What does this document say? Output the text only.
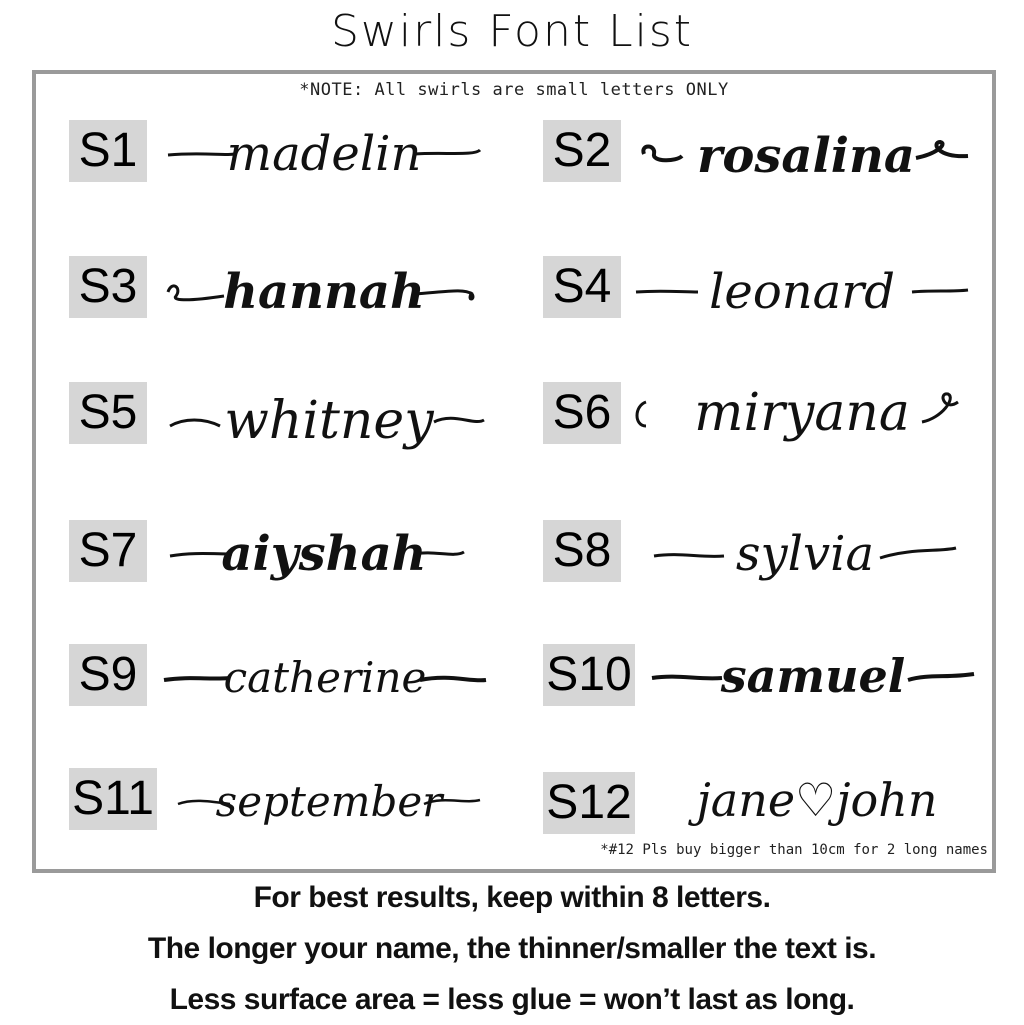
Swirls Font List
*NOTE: All swirls are small letters ONLY
S1 madelin
S3 hannah
S5 whitney
S7 aiyshah
S9 catherine
S11 september
S2 rosalina
S4 leonard
S6 miryana
S8	sylvia
S10 samuel
S12 jane♡john
*#12 Pls buy bigger than 10cm for 2 long names
For best results, keep within 8 letters.
The longer your name, the thinner/smaller the text is.
Less surface area = less glue = won’t last as long.
